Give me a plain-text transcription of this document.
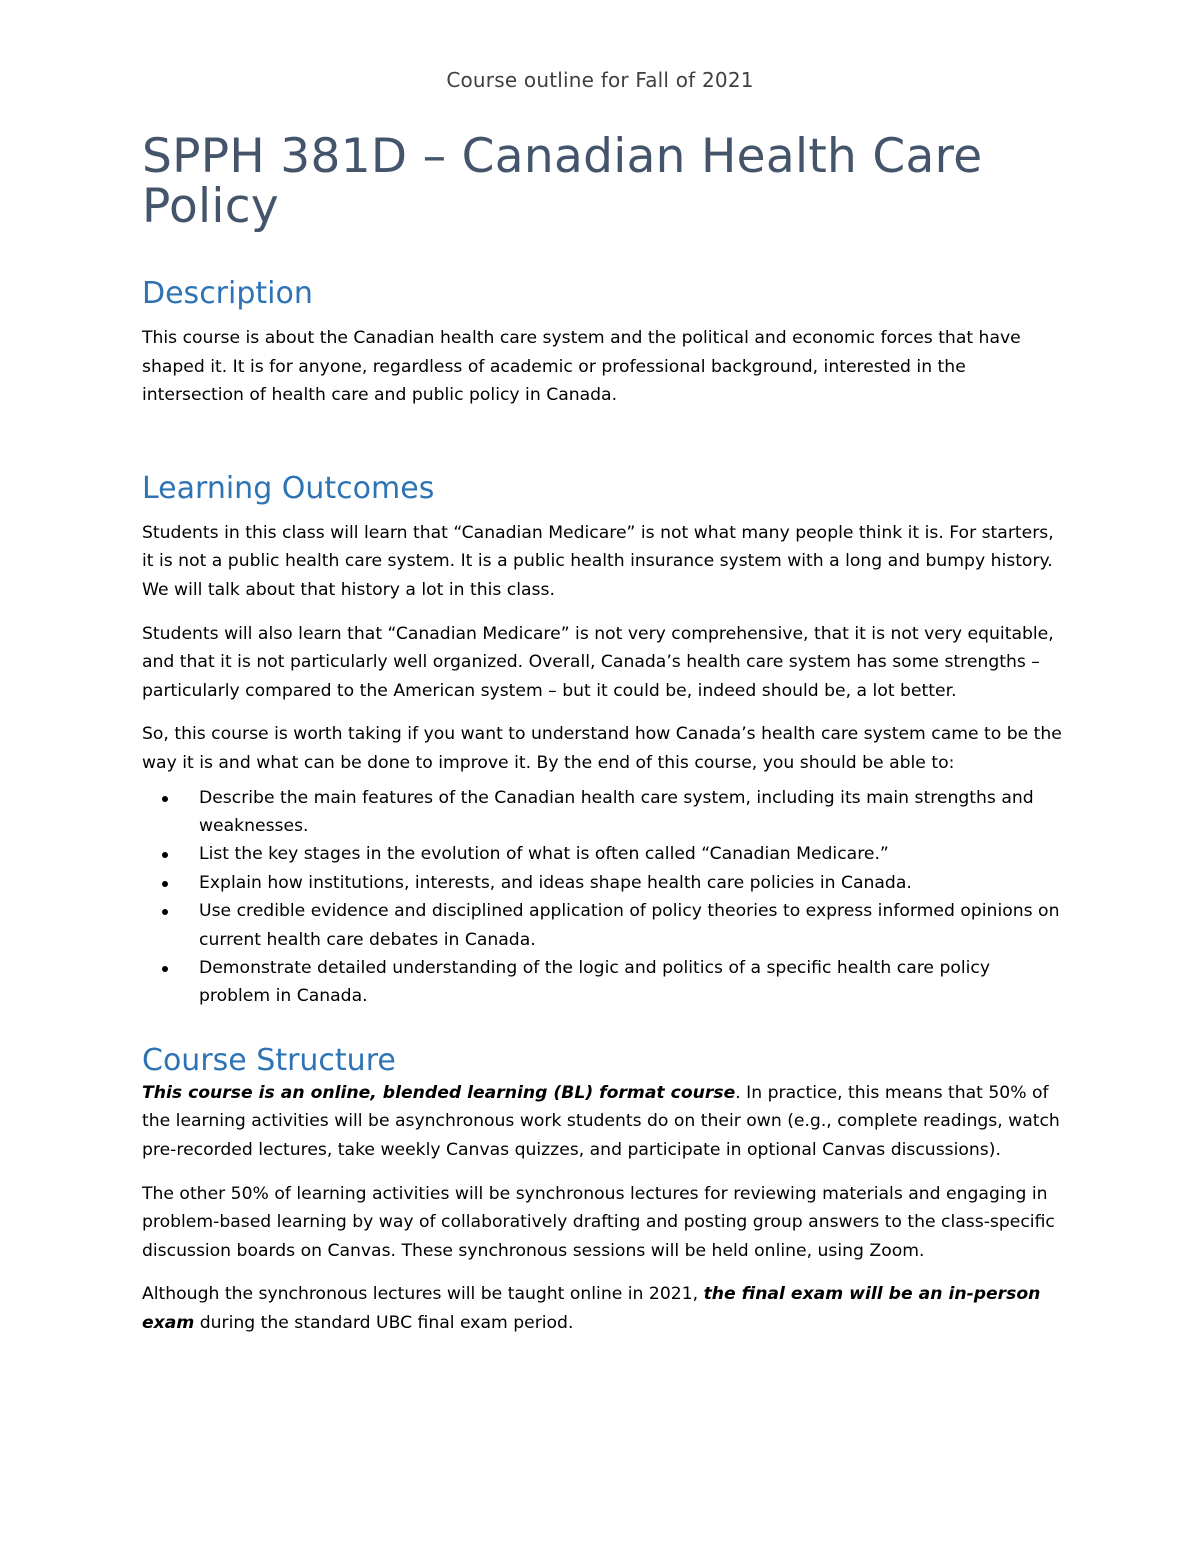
Course outline for Fall of 2021
SPPH 381D – Canadian Health Care Policy
Description

This course is about the Canadian health care system and the political and economic forces that have shaped it. It is for anyone, regardless of academic or professional background, interested in the intersection of health care and public policy in Canada.

Learning Outcomes

Students in this class will learn that “Canadian Medicare” is not what many people think it is. For starters, it is not a public health care system. It is a public health insurance system with a long and bumpy history. We will talk about that history a lot in this class.

Students will also learn that “Canadian Medicare” is not very comprehensive, that it is not very equitable, and that it is not particularly well organized. Overall, Canada’s health care system has some strengths – particularly compared to the American system – but it could be, indeed should be, a lot better.

So, this course is worth taking if you want to understand how Canada’s health care system came to be the way it is and what can be done to improve it. By the end of this course, you should be able to:

Describe the main features of the Canadian health care system, including its main strengths and weaknesses.
List the key stages in the evolution of what is often called “Canadian Medicare.”
Explain how institutions, interests, and ideas shape health care policies in Canada.
Use credible evidence and disciplined application of policy theories to express informed opinions on current health care debates in Canada.
Demonstrate detailed understanding of the logic and politics of a specific health care policy problem in Canada.
Course Structure

This course is an online, blended learning (BL) format course. In practice, this means that 50% of the learning activities will be asynchronous work students do on their own (e.g., complete readings, watch pre-recorded lectures, take weekly Canvas quizzes, and participate in optional Canvas discussions).

The other 50% of learning activities will be synchronous lectures for reviewing materials and engaging in problem-based learning by way of collaboratively drafting and posting group answers to the class-specific discussion boards on Canvas. These synchronous sessions will be held online, using Zoom.

Although the synchronous lectures will be taught online in 2021, the final exam will be an in-person exam during the standard UBC final exam period.
